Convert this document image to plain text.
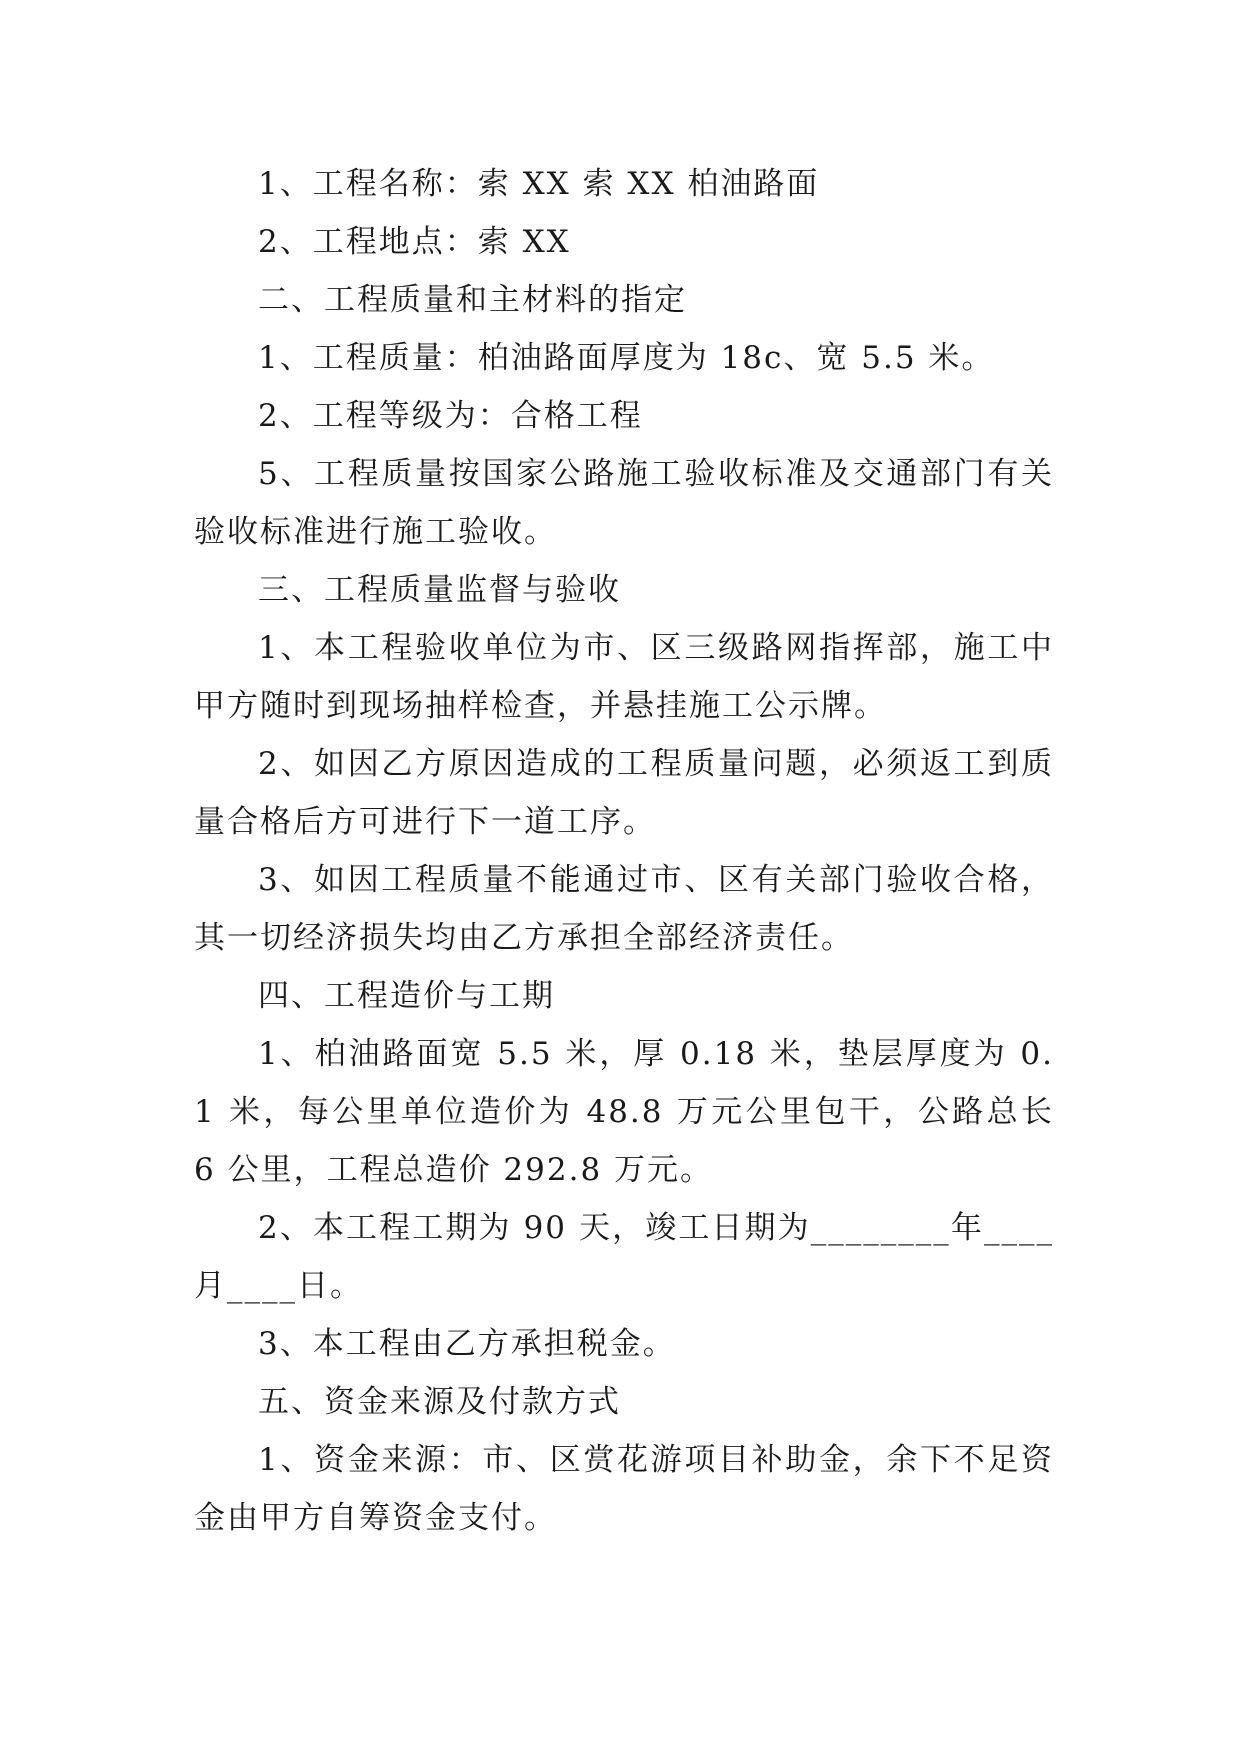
1、工程名称：索 XX 索 XX 柏油路面

2、工程地点：索 XX

二、工程质量和主材料的指定

1、工程质量：柏油路面厚度为 18c、宽 5.5 米。

2、工程等级为：合格工程

5、工程质量按国家公路施工验收标准及交通部门有关验收标准进行施工验收。

三、工程质量监督与验收

1、本工程验收单位为市、区三级路网指挥部，施工中甲方随时到现场抽样检查，并悬挂施工公示牌。

2、如因乙方原因造成的工程质量问题，必须返工到质量合格后方可进行下一道工序。

3、如因工程质量不能通过市、区有关部门验收合格，其一切经济损失均由乙方承担全部经济责任。

四、工程造价与工期

1、柏油路面宽 5.5 米，厚 0.18 米，垫层厚度为 0.1 米，每公里单位造价为 48.8 万元公里包干，公路总长 6 公里，工程总造价 292.8 万元。

2、本工程工期为 90 天，竣工日期为________年____月____日。

3、本工程由乙方承担税金。

五、资金来源及付款方式

1、资金来源：市、区赏花游项目补助金，余下不足资金由甲方自筹资金支付。
